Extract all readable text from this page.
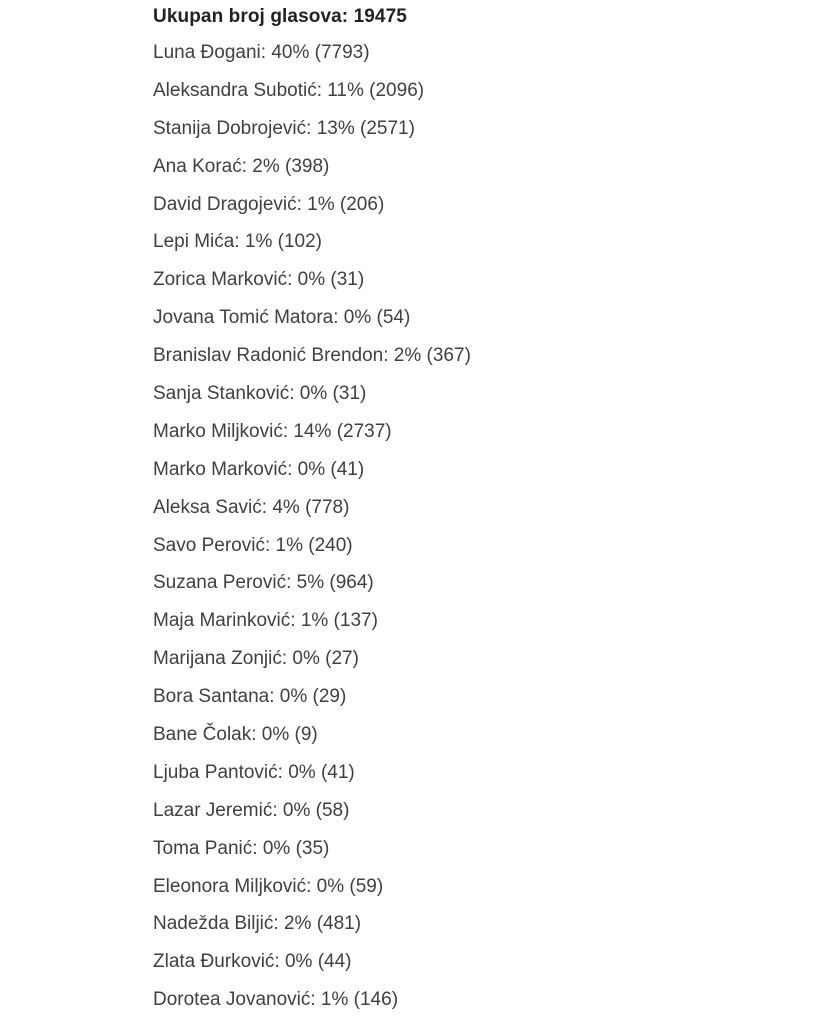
Ukupan broj glasova: 19475
Luna Đogani: 40% (7793)
Aleksandra Subotić: 11% (2096)
Stanija Dobrojević: 13% (2571)
Ana Korać: 2% (398)
David Dragojević: 1% (206)
Lepi Mića: 1% (102)
Zorica Marković: 0% (31)
Jovana Tomić Matora: 0% (54)
Branislav Radonić Brendon: 2% (367)
Sanja Stanković: 0% (31)
Marko Miljković: 14% (2737)
Marko Marković: 0% (41)
Aleksa Savić: 4% (778)
Savo Perović: 1% (240)
Suzana Perović: 5% (964)
Maja Marinković: 1% (137)
Marijana Zonjić: 0% (27)
Bora Santana: 0% (29)
Bane Čolak: 0% (9)
Ljuba Pantović: 0% (41)
Lazar Jeremić: 0% (58)
Toma Panić: 0% (35)
Eleonora Miljković: 0% (59)
Nadežda Biljić: 2% (481)
Zlata Đurković: 0% (44)
Dorotea Jovanović: 1% (146)
